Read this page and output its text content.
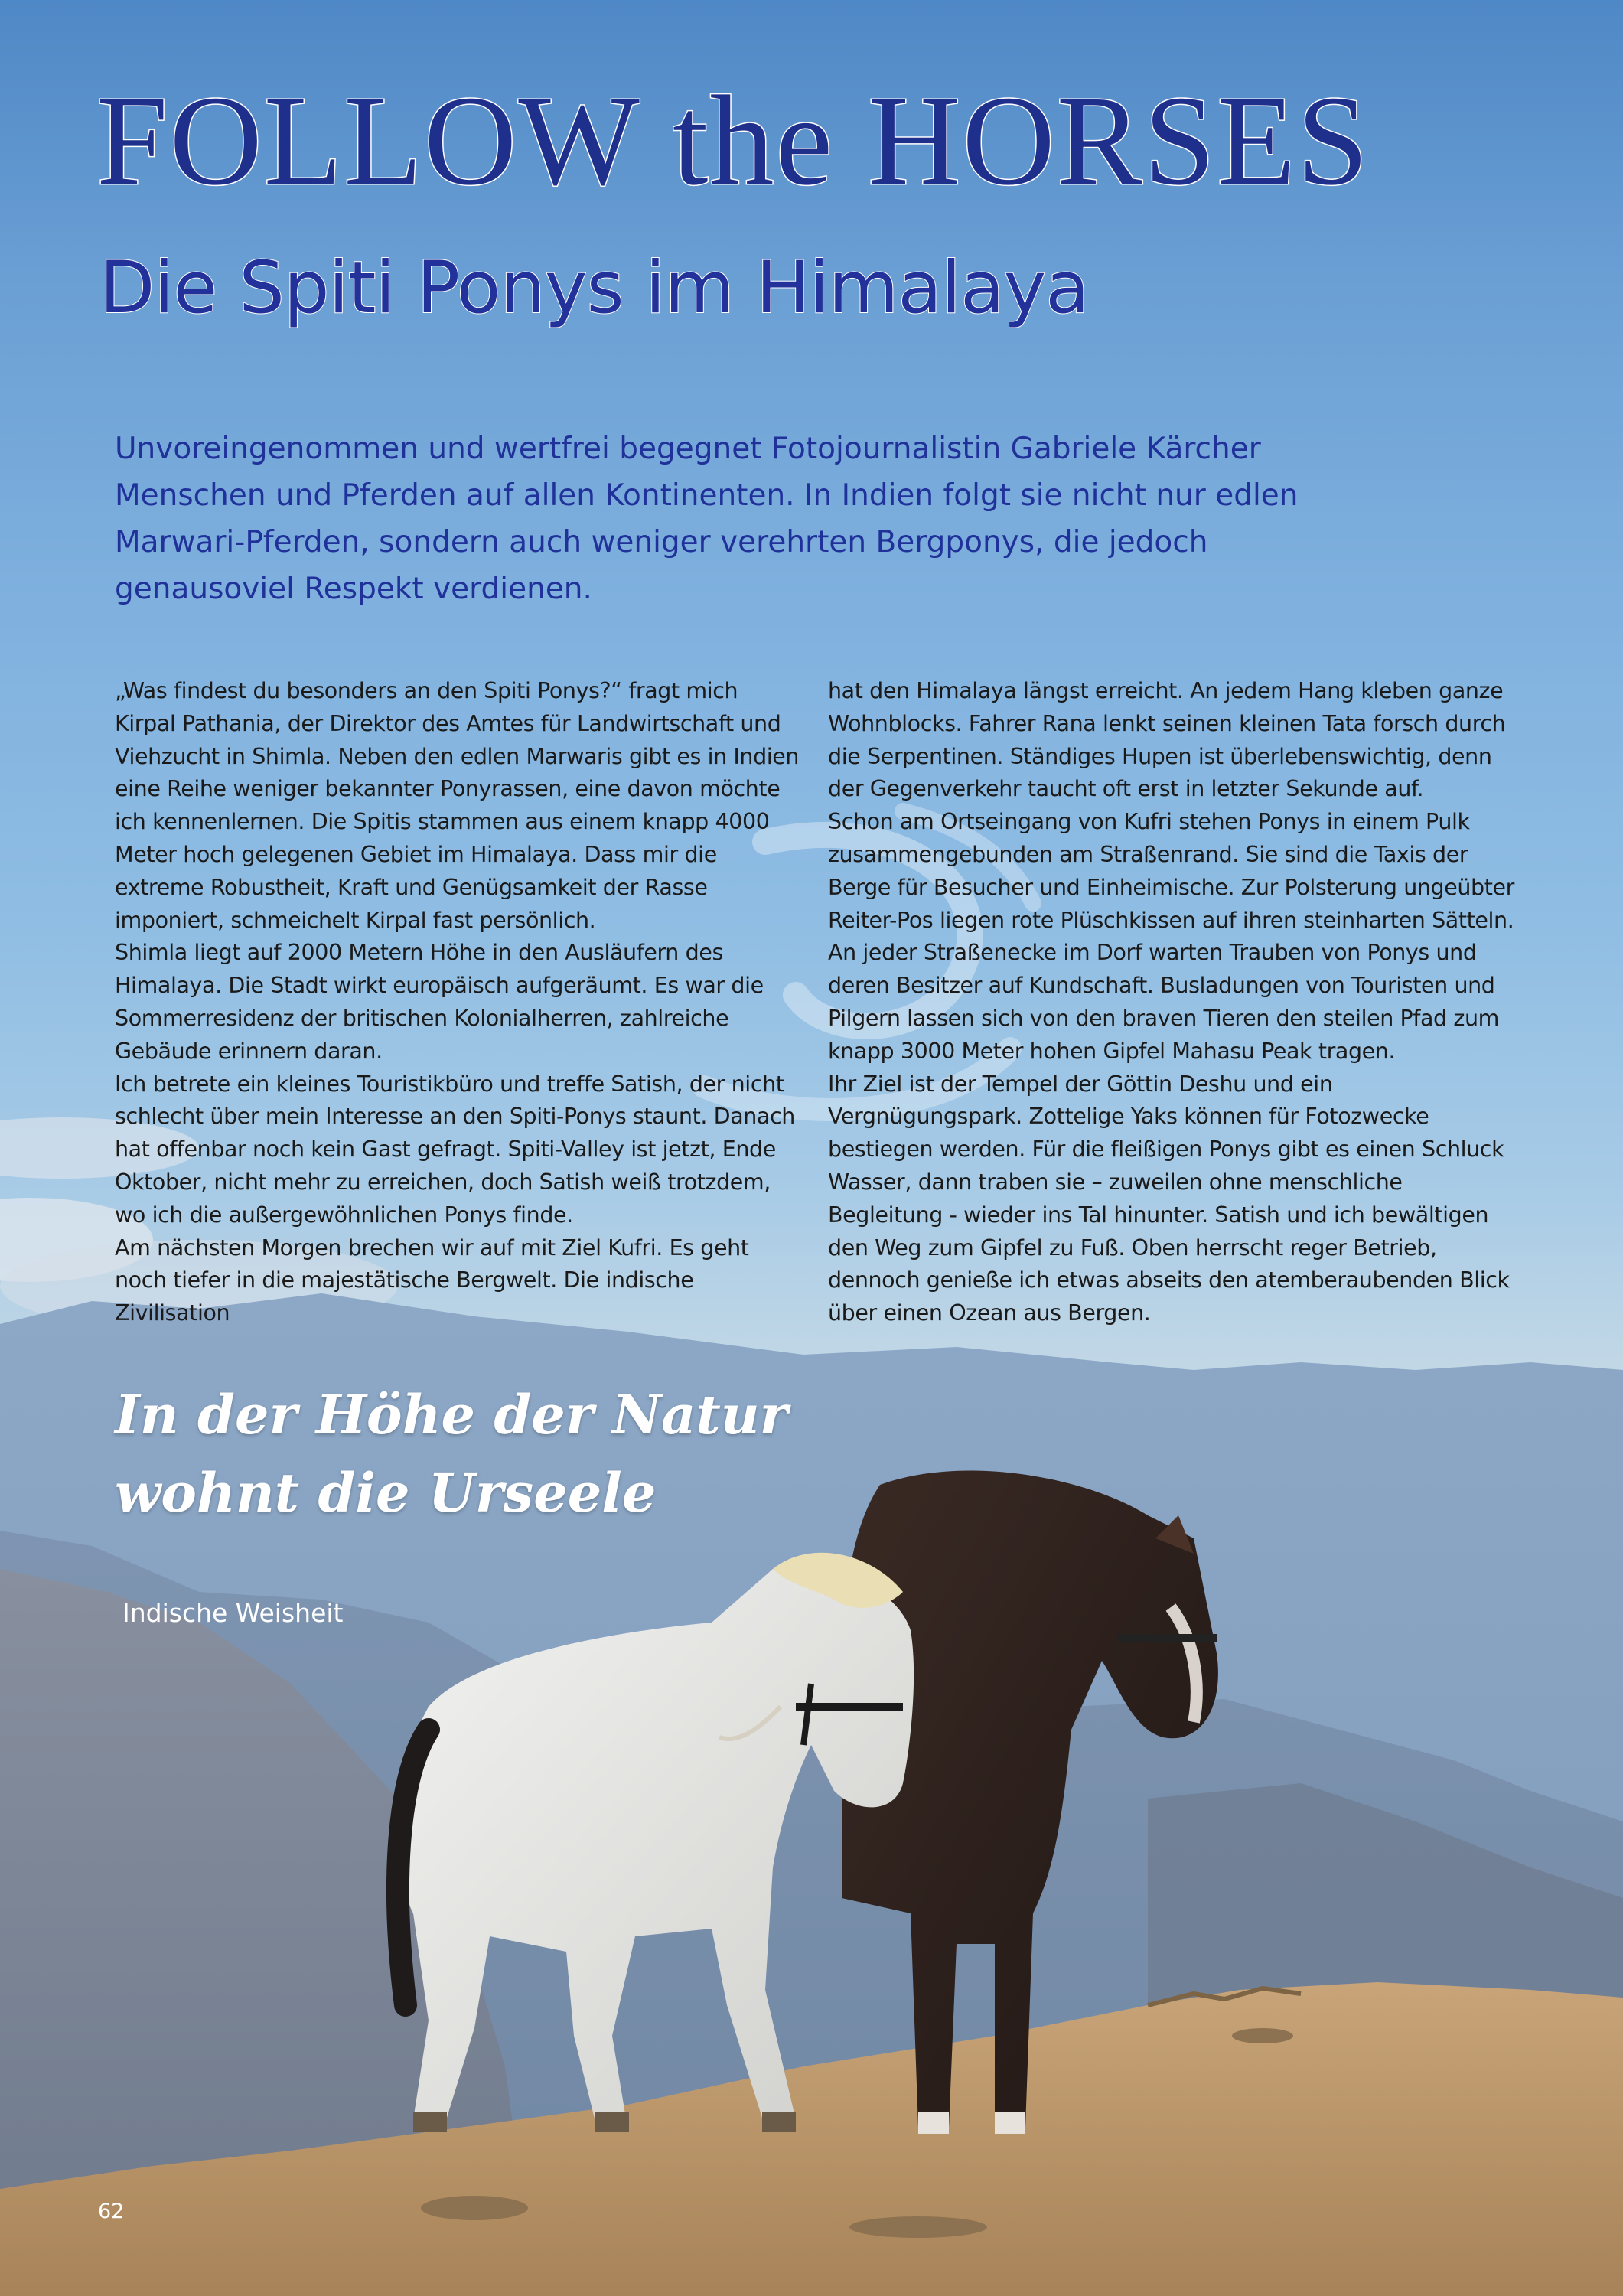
FOLLOW the HORSES
Die Spiti Ponys im Himalaya

Unvoreingenommen und wertfrei begegnet Fotojournalistin Gabriele Kärcher Menschen und Pferden auf allen Kontinenten. In Indien folgt sie nicht nur edlen Marwari-Pferden, sondern auch weniger verehrten Bergponys, die jedoch genausoviel Respekt verdienen.

„Was findest du besonders an den Spiti Ponys?“ fragt mich Kirpal Pathania, der Direktor des Amtes für Landwirtschaft und Viehzucht in Shimla. Neben den edlen Marwaris gibt es in Indien eine Reihe weniger bekannter Ponyrassen, eine davon möchte ich kennenlernen. Die Spitis stammen aus einem knapp 4000 Meter hoch gelegenen Gebiet im Himalaya. Dass mir die extreme Robustheit, Kraft und Genügsamkeit der Rasse imponiert, schmeichelt Kirpal fast persönlich.

Shimla liegt auf 2000 Metern Höhe in den Ausläufern des Himalaya. Die Stadt wirkt europäisch aufgeräumt. Es war die Sommerresidenz der britischen Kolonialherren, zahlreiche Gebäude erinnern daran.

Ich betrete ein kleines Touristikbüro und treffe Satish, der nicht schlecht über mein Interesse an den Spiti-Ponys staunt. Danach hat offenbar noch kein Gast gefragt. Spiti-Valley ist jetzt, Ende Oktober, nicht mehr zu erreichen, doch Satish weiß trotzdem, wo ich die außergewöhnlichen Ponys finde.

Am nächsten Morgen brechen wir auf mit Ziel Kufri. Es geht noch tiefer in die majestätische Bergwelt. Die indische Zivilisation

hat den Himalaya längst erreicht. An jedem Hang kleben ganze Wohnblocks. Fahrer Rana lenkt seinen kleinen Tata forsch durch die Serpentinen. Ständiges Hupen ist überlebenswichtig, denn der Gegenverkehr taucht oft erst in letzter Sekunde auf.

Schon am Ortseingang von Kufri stehen Ponys in einem Pulk zusammengebunden am Straßenrand. Sie sind die Taxis der Berge für Besucher und Einheimische. Zur Polsterung ungeübter Reiter-Pos liegen rote Plüschkissen auf ihren steinharten Sätteln. An jeder Straßenecke im Dorf warten Trauben von Ponys und deren Besitzer auf Kundschaft. Busladungen von Touristen und Pilgern lassen sich von den braven Tieren den steilen Pfad zum knapp 3000 Meter hohen Gipfel Mahasu Peak tragen.

Ihr Ziel ist der Tempel der Göttin Deshu und ein Vergnügungspark. Zottelige Yaks können für Fotozwecke bestiegen werden. Für die fleißigen Ponys gibt es einen Schluck Wasser, dann traben sie – zuweilen ohne menschliche Begleitung - wieder ins Tal hinunter. Satish und ich bewältigen den Weg zum Gipfel zu Fuß. Oben herrscht reger Betrieb, dennoch genieße ich etwas abseits den atemberaubenden Blick über einen Ozean aus Bergen.

In der Höhe der Natur
wohnt die Urseele

Indische Weisheit

62
